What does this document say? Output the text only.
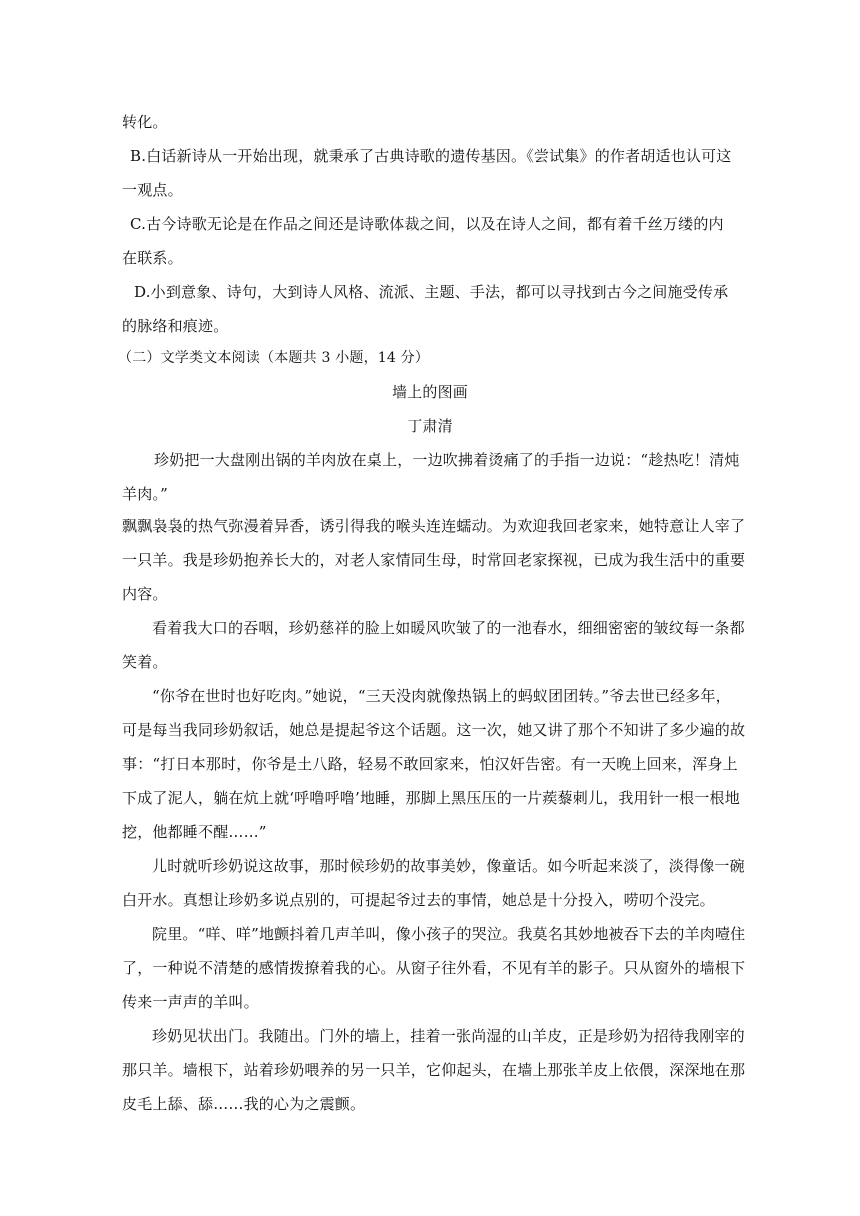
转化。
B.白话新诗从一开始出现，就秉承了古典诗歌的遗传基因。《尝试集》的作者胡适也认可这
一观点。
C.古今诗歌无论是在作品之间还是诗歌体裁之间，以及在诗人之间，都有着千丝万缕的内
在联系。
D.小到意象、诗句，大到诗人风格、流派、主题、手法，都可以寻找到古今之间施受传承
的脉络和痕迹。
（二）文学类文本阅读（本题共 3 小题，14 分）
墙上的图画
丁肃清
珍奶把一大盘刚出锅的羊肉放在桌上，一边吹拂着烫痛了的手指一边说：“趁热吃！清炖
羊肉。”
飘飘袅袅的热气弥漫着异香，诱引得我的喉头连连蠕动。为欢迎我回老家来，她特意让人宰了
一只羊。我是珍奶抱养长大的，对老人家情同生母，时常回老家探视，已成为我生活中的重要
内容。
看着我大口的吞咽，珍奶慈祥的脸上如暖风吹皱了的一池春水，细细密密的皱纹每一条都
笑着。
“你爷在世时也好吃肉。”她说，“三天没肉就像热锅上的蚂蚁团团转。”爷去世已经多年，
可是每当我同珍奶叙话，她总是提起爷这个话题。这一次，她又讲了那个不知讲了多少遍的故
事：“打日本那时，你爷是土八路，轻易不敢回家来，怕汉奸告密。有一天晚上回来，浑身上
下成了泥人，躺在炕上就‘呼噜呼噜’地睡，那脚上黑压压的一片蒺藜刺儿，我用针一根一根地
挖，他都睡不醒……”
儿时就听珍奶说这故事，那时候珍奶的故事美妙，像童话。如今听起来淡了，淡得像一碗
白开水。真想让珍奶多说点别的，可提起爷过去的事情，她总是十分投入，唠叨个没完。
院里。“咩、咩”地颤抖着几声羊叫，像小孩子的哭泣。我莫名其妙地被吞下去的羊肉噎住
了，一种说不清楚的感情拨撩着我的心。从窗子往外看，不见有羊的影子。只从窗外的墙根下
传来一声声的羊叫。
珍奶见状出门。我随出。门外的墙上，挂着一张尚湿的山羊皮，正是珍奶为招待我刚宰的
那只羊。墙根下，站着珍奶喂养的另一只羊，它仰起头，在墙上那张羊皮上依偎，深深地在那
皮毛上舔、舔……我的心为之震颤。
